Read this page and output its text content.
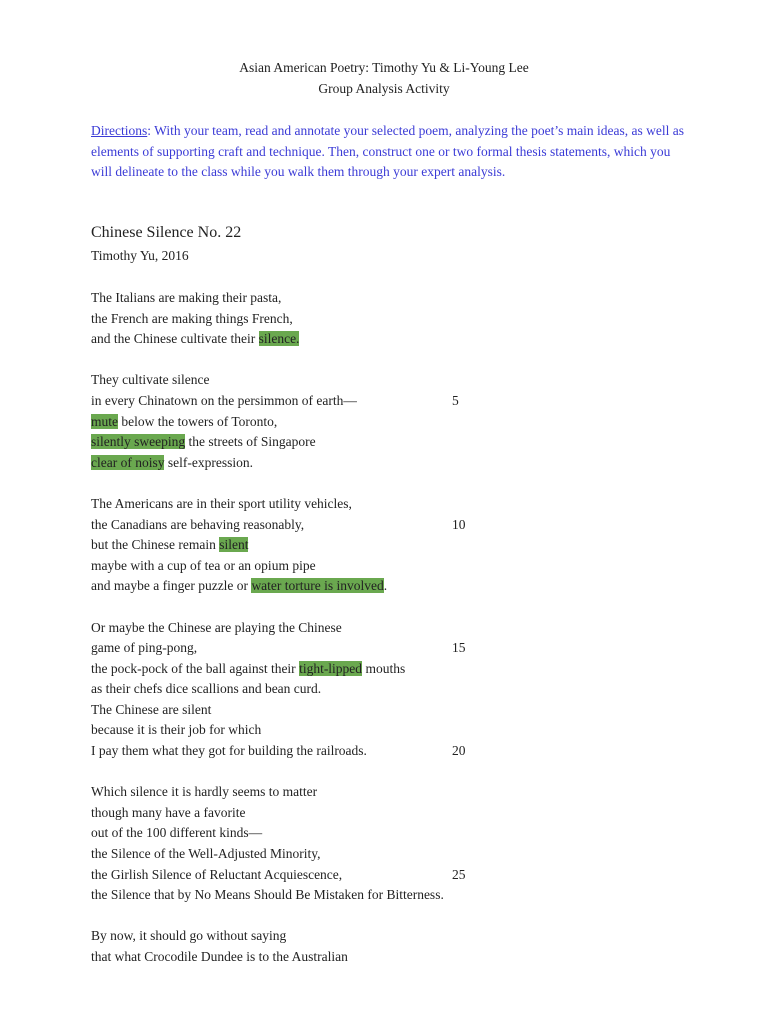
Asian American Poetry: Timothy Yu & Li-Young Lee
Group Analysis Activity
Directions: With your team, read and annotate your selected poem, analyzing the poet’s main ideas, as well as elements of supporting craft and technique. Then, construct one or two formal thesis statements, which you will delineate to the class while you walk them through your expert analysis.
Chinese Silence No. 22
Timothy Yu, 2016
The Italians are making their pasta,
the French are making things French,
and the Chinese cultivate their silence.
They cultivate silence
in every Chinatown on the persimmon of earth—	5
mute below the towers of Toronto,
silently sweeping the streets of Singapore
clear of noisy self-expression.
The Americans are in their sport utility vehicles,
the Canadians are behaving reasonably,	10
but the Chinese remain silent
maybe with a cup of tea or an opium pipe
and maybe a finger puzzle or water torture is involved.
Or maybe the Chinese are playing the Chinese
game of ping-pong,	15
the pock-pock of the ball against their tight-lipped mouths
as their chefs dice scallions and bean curd.
The Chinese are silent
because it is their job for which
I pay them what they got for building the railroads.	20
Which silence it is hardly seems to matter
though many have a favorite
out of the 100 different kinds—
the Silence of the Well-Adjusted Minority,
the Girlish Silence of Reluctant Acquiescence,	25
the Silence that by No Means Should Be Mistaken for Bitterness.
By now, it should go without saying
that what Crocodile Dundee is to the Australian
